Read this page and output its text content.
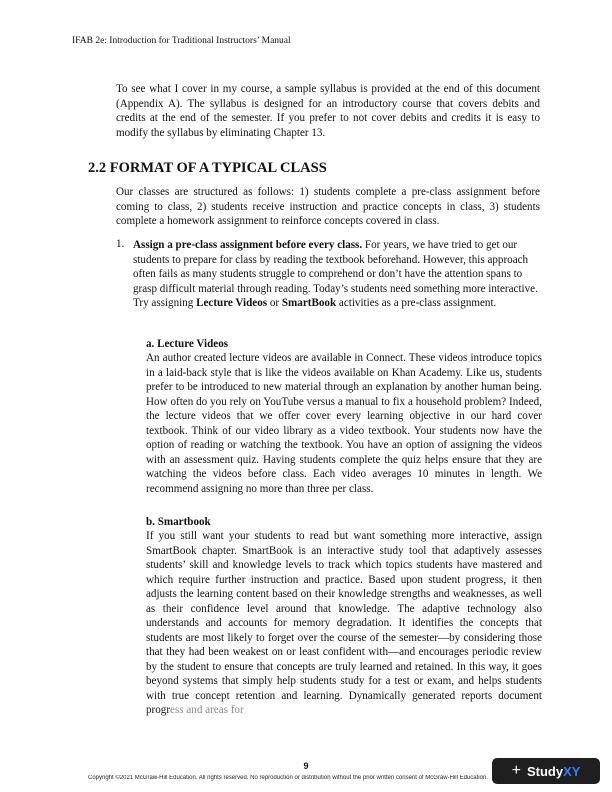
IFAB 2e: Introduction for Traditional Instructors’ Manual

To see what I cover in my course, a sample syllabus is provided at the end of this document (Appendix A). The syllabus is designed for an introductory course that covers debits and credits at the end of the semester. If you prefer to not cover debits and credits it is easy to modify the syllabus by eliminating Chapter 13.

2.2 FORMAT OF A TYPICAL CLASS

Our classes are structured as follows: 1) students complete a pre-class assignment before coming to class, 2) students receive instruction and practice concepts in class, 3) students complete a homework assignment to reinforce concepts covered in class.

1. Assign a pre-class assignment before every class. For years, we have tried to get our students to prepare for class by reading the textbook beforehand. However, this approach often fails as many students struggle to comprehend or don’t have the attention spans to grasp difficult material through reading. Today’s students need something more interactive. Try assigning Lecture Videos or SmartBook activities as a pre-class assignment.

a. Lecture Videos

An author created lecture videos are available in Connect. These videos introduce topics in a laid-back style that is like the videos available on Khan Academy. Like us, students prefer to be introduced to new material through an explanation by another human being. How often do you rely on YouTube versus a manual to fix a household problem? Indeed, the lecture videos that we offer cover every learning objective in our hard cover textbook. Think of our video library as a video textbook. Your students now have the option of reading or watching the textbook. You have an option of assigning the videos with an assessment quiz. Having students complete the quiz helps ensure that they are watching the videos before class. Each video averages 10 minutes in length. We recommend assigning no more than three per class.

b. Smartbook

If you still want your students to read but want something more interactive, assign SmartBook chapter. SmartBook is an interactive study tool that adaptively assesses students’ skill and knowledge levels to track which topics students have mastered and which require further instruction and practice. Based upon student progress, it then adjusts the learning content based on their knowledge strengths and weaknesses, as well as their confidence level around that knowledge. The adaptive technology also understands and accounts for memory degradation. It identifies the concepts that students are most likely to forget over the course of the semester—by considering those that they had been weakest on or least confident with—and encourages periodic review by the student to ensure that concepts are truly learned and retained. In this way, it goes beyond systems that simply help students study for a test or exam, and helps students with true concept retention and learning. Dynamically generated reports document progress and areas for

9
Copyright ©2021 McGraw-Hill Education. All rights reserved. No reproduction or distribution without the prior written consent of McGraw-Hill Education.	+ StudyXY
